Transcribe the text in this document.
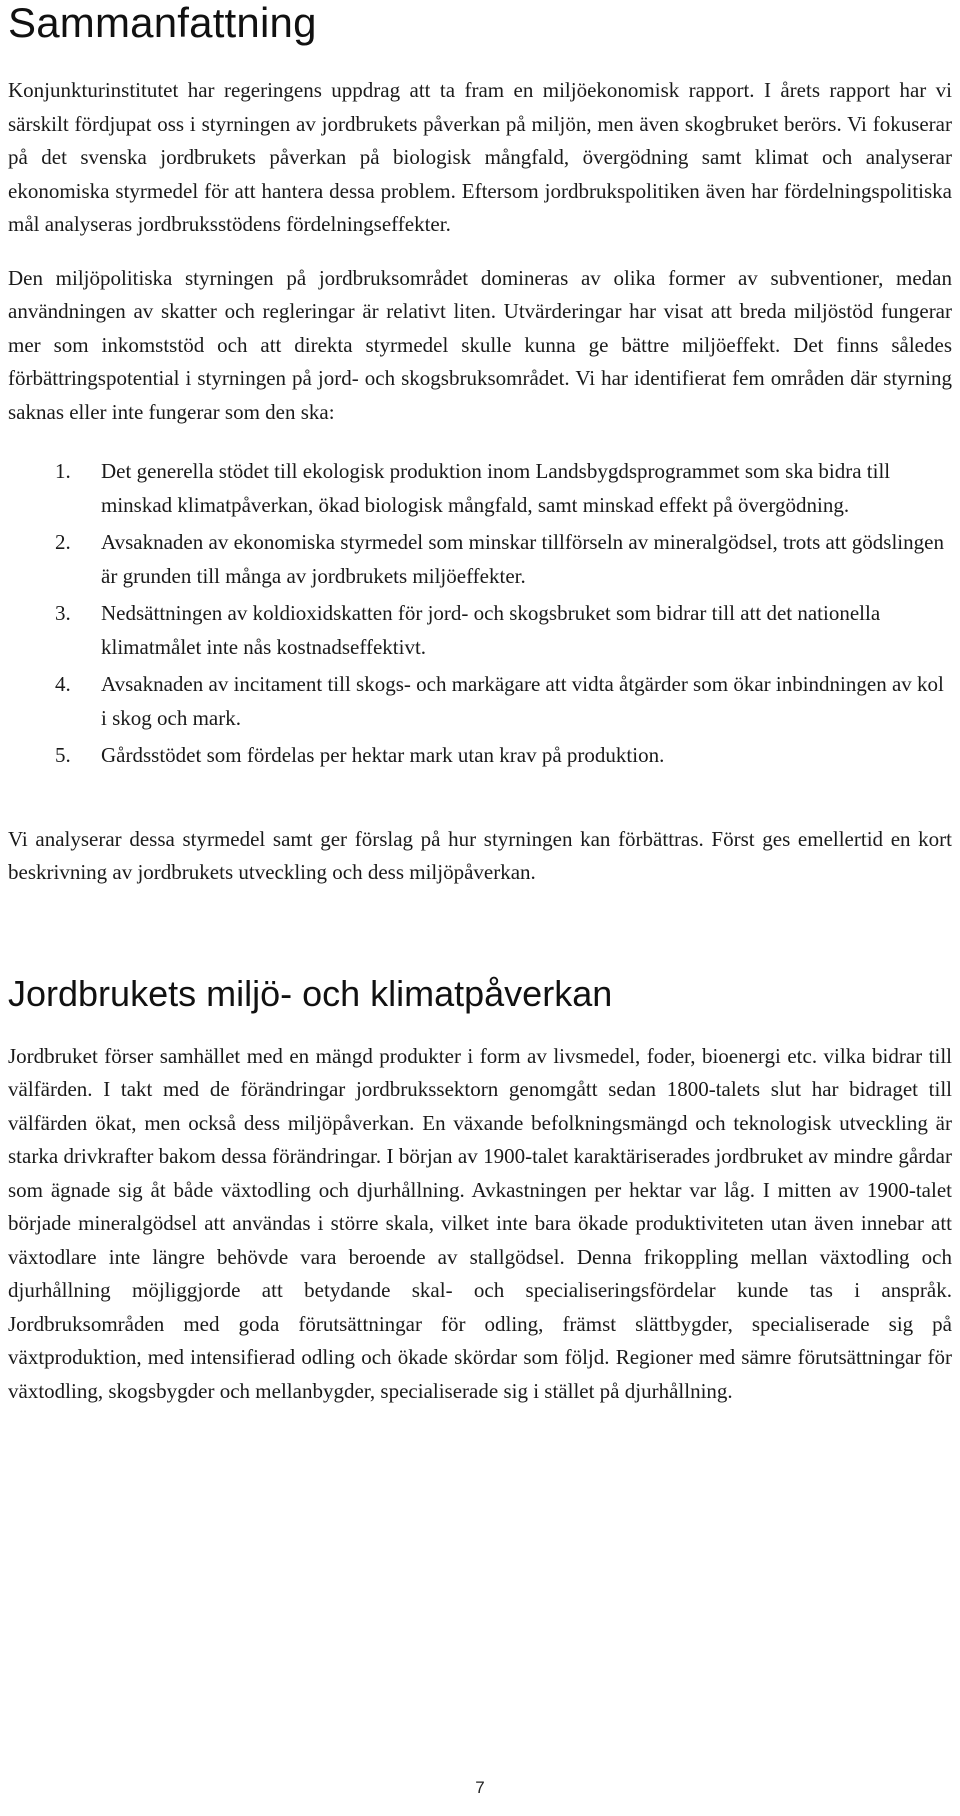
Sammanfattning

Konjunkturinstitutet har regeringens uppdrag att ta fram en miljöekonomisk rapport. I årets rapport har vi särskilt fördjupat oss i styrningen av jordbrukets påverkan på miljön, men även skogbruket berörs. Vi fokuserar på det svenska jordbrukets påverkan på biologisk mångfald, övergödning samt klimat och analyserar ekonomiska styrmedel för att hantera dessa problem. Eftersom jordbrukspolitiken även har fördelningspolitiska mål analyseras jordbruksstödens fördelningseffekter.

Den miljöpolitiska styrningen på jordbruksområdet domineras av olika former av subventioner, medan användningen av skatter och regleringar är relativt liten. Utvärderingar har visat att breda miljöstöd fungerar mer som inkomststöd och att direkta styrmedel skulle kunna ge bättre miljöeffekt. Det finns således förbättringspotential i styrningen på jord- och skogsbruksområdet. Vi har identifierat fem områden där styrning saknas eller inte fungerar som den ska:

1. Det generella stödet till ekologisk produktion inom Landsbygdsprogrammet som ska bidra till minskad klimatpåverkan, ökad biologisk mångfald, samt minskad effekt på övergödning.
2. Avsaknaden av ekonomiska styrmedel som minskar tillförseln av mineralgödsel, trots att gödslingen är grunden till många av jordbrukets miljöeffekter.
3. Nedsättningen av koldioxidskatten för jord- och skogsbruket som bidrar till att det nationella klimatmålet inte nås kostnadseffektivt.
4. Avsaknaden av incitament till skogs- och markägare att vidta åtgärder som ökar inbindningen av kol i skog och mark.
5. Gårdsstödet som fördelas per hektar mark utan krav på produktion.

Vi analyserar dessa styrmedel samt ger förslag på hur styrningen kan förbättras. Först ges emellertid en kort beskrivning av jordbrukets utveckling och dess miljöpåverkan.

Jordbrukets miljö- och klimatpåverkan

Jordbruket förser samhället med en mängd produkter i form av livsmedel, foder, bioenergi etc. vilka bidrar till välfärden. I takt med de förändringar jordbrukssektorn genomgått sedan 1800-talets slut har bidraget till välfärden ökat, men också dess miljöpåverkan. En växande befolkningsmängd och teknologisk utveckling är starka drivkrafter bakom dessa förändringar. I början av 1900-talet karaktäriserades jordbruket av mindre gårdar som ägnade sig åt både växtodling och djurhållning. Avkastningen per hektar var låg. I mitten av 1900-talet började mineralgödsel att användas i större skala, vilket inte bara ökade produktiviteten utan även innebar att växtodlare inte längre behövde vara beroende av stallgödsel. Denna frikoppling mellan växtodling och djurhållning möjliggjorde att betydande skal- och specialiseringsfördelar kunde tas i anspråk. Jordbruksområden med goda förutsättningar för odling, främst slättbygder, specialiserade sig på växtproduktion, med intensifierad odling och ökade skördar som följd. Regioner med sämre förutsättningar för växtodling, skogsbygder och mellanbygder, specialiserade sig i stället på djurhållning.

7
